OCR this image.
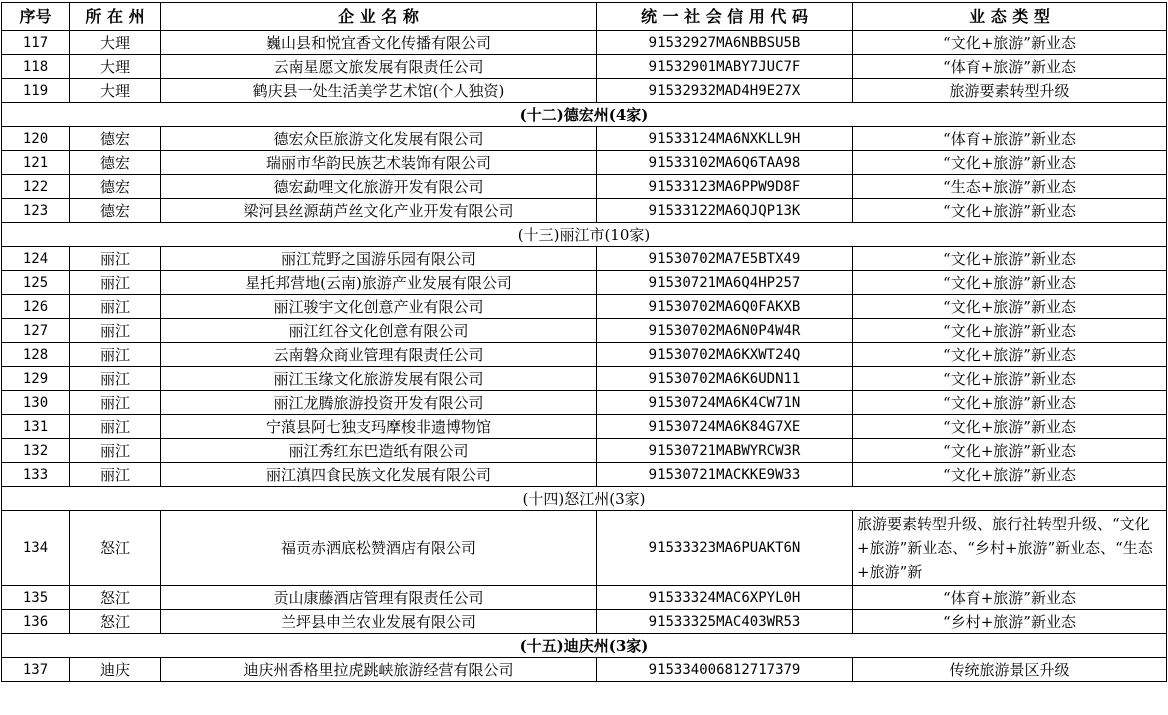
序号	所 在 州	企 业 名 称	统 一 社 会 信 用 代 码	业 态 类 型
117	大理	巍山县和悦宜香文化传播有限公司	91532927MA6NBBSU5B	“文化+旅游”新业态
118	大理	云南星愿文旅发展有限责任公司	91532901MABY7JUC7F	“体育+旅游”新业态
119	大理	鹤庆县一处生活美学艺术馆(个人独资)	91532932MAD4H9E27X	旅游要素转型升级
(十二)德宏州(4家)				
120	德宏	德宏众臣旅游文化发展有限公司	91533124MA6NXKLL9H	“体育+旅游”新业态
121	德宏	瑞丽市华韵民族艺术装饰有限公司	91533102MA6Q6TAA98	“文化+旅游”新业态
122	德宏	德宏勐哩文化旅游开发有限公司	91533123MA6PPW9D8F	“生态+旅游”新业态
123	德宏	梁河县丝源葫芦丝文化产业开发有限公司	91533122MA6QJQP13K	“文化+旅游”新业态
(十三)丽江市(10家)				
124	丽江	丽江荒野之国游乐园有限公司	91530702MA7E5BTX49	“文化+旅游”新业态
125	丽江	星托邦营地(云南)旅游产业发展有限公司	91530721MA6Q4HP257	“文化+旅游”新业态
126	丽江	丽江骏宇文化创意产业有限公司	91530702MA6Q0FAKXB	“文化+旅游”新业态
127	丽江	丽江红谷文化创意有限公司	91530702MA6N0P4W4R	“文化+旅游”新业态
128	丽江	云南磐众商业管理有限责任公司	91530702MA6KXWT24Q	“文化+旅游”新业态
129	丽江	丽江玉缘文化旅游发展有限公司	91530702MA6K6UDN11	“文化+旅游”新业态
130	丽江	丽江龙腾旅游投资开发有限公司	91530724MA6K4CW71N	“文化+旅游”新业态
131	丽江	宁蒗县阿七独支玛摩梭非遗博物馆	91530724MA6K84G7XE	“文化+旅游”新业态
132	丽江	丽江秀红东巴造纸有限公司	91530721MABWYRCW3R	“文化+旅游”新业态
133	丽江	丽江滇四食民族文化发展有限公司	91530721MACKKE9W33	“文化+旅游”新业态
(十四)怒江州(3家)				
134	怒江	福贡赤洒底松赞酒店有限公司	91533323MA6PUAKT6N	旅游要素转型升级、旅行社转型升级、“文化+旅游”新业态、“乡村+旅游”新业态、“生态+旅游”新
135	怒江	贡山康藤酒店管理有限责任公司	91533324MAC6XPYL0H	“体育+旅游”新业态
136	怒江	兰坪县申兰农业发展有限公司	91533325MAC403WR53	“乡村+旅游”新业态
(十五)迪庆州(3家)				
137	迪庆	迪庆州香格里拉虎跳峡旅游经营有限公司	915334006812717379	传统旅游景区升级
